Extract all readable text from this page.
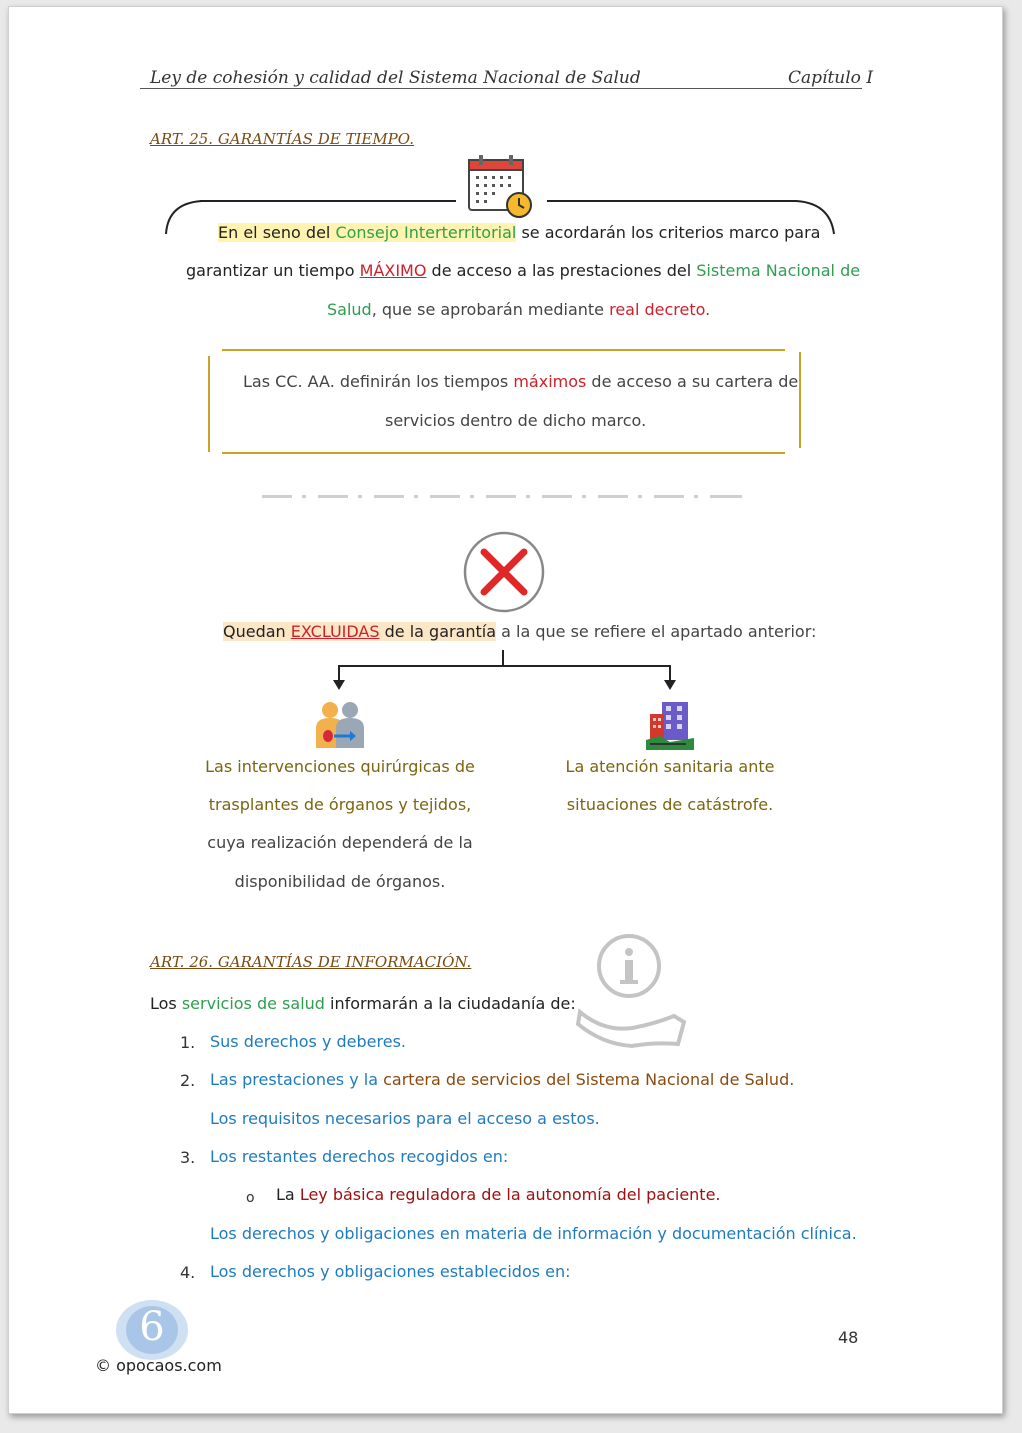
Ley de cohesión y calidad del Sistema Nacional de Salud	Capítulo I
ART. 25. GARANTÍAS DE TIEMPO.
En el seno del Consejo Interterritorial se acordarán los criterios marco para
garantizar un tiempo MÁXIMO de acceso a las prestaciones del Sistema Nacional de
Salud, que se aprobarán mediante real decreto.
Las CC. AA. definirán los tiempos máximos de acceso a su cartera de
servicios dentro de dicho marco.
Quedan EXCLUIDAS de la garantía a la que se refiere el apartado anterior:
Las intervenciones quirúrgicas de
trasplantes de órganos y tejidos,
cuya realización dependerá de la
disponibilidad de órganos.
La atención sanitaria ante
situaciones de catástrofe.
ART. 26. GARANTÍAS DE INFORMACIÓN.
Los servicios de salud informarán a la ciudadanía de:
1. Sus derechos y deberes.
2. Las prestaciones y la cartera de servicios del Sistema Nacional de Salud.
Los requisitos necesarios para el acceso a estos.
3. Los restantes derechos recogidos en:
o La Ley básica reguladora de la autonomía del paciente.
Los derechos y obligaciones en materia de información y documentación clínica.
4. Los derechos y obligaciones establecidos en:
6
© opocaos.com
48
